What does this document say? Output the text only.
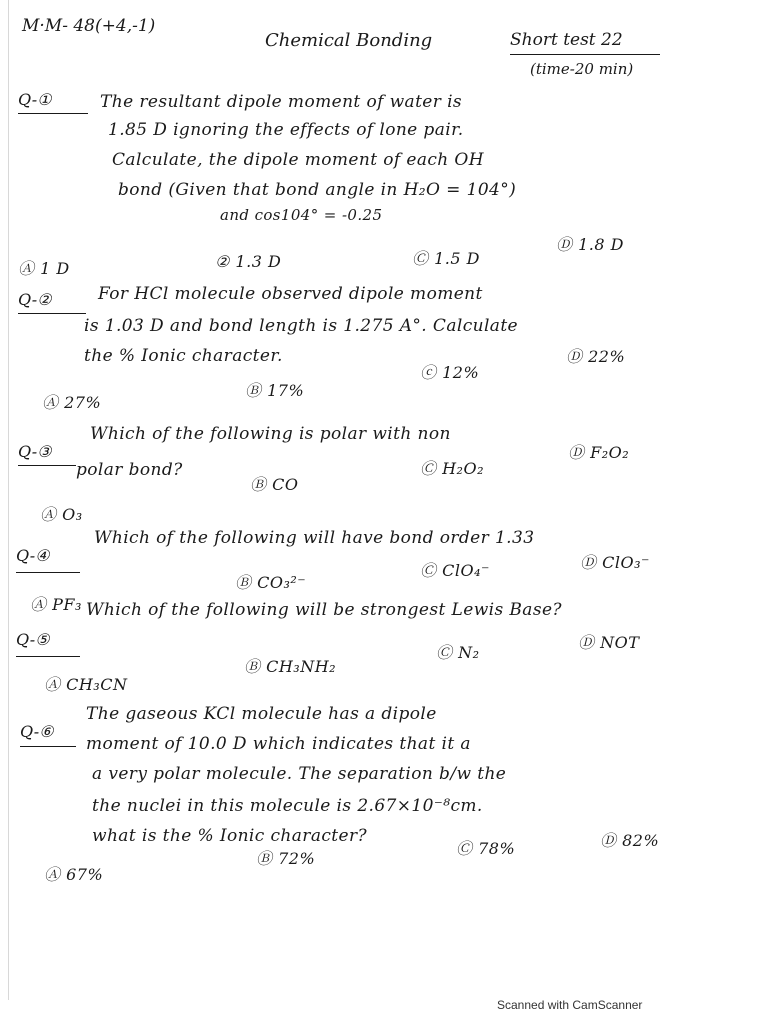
M·M- 48(+4,-1)
Chemical Bonding	Short test 22
(time-20 min)
Q-①	The resultant dipole moment of water is
1.85 D ignoring the effects of lone pair.
Calculate, the dipole moment of each OH
bond (Given that bond angle in H₂O = 104°)
and cos104° = -0.25
Ⓐ 1 D	② 1.3 D	Ⓒ 1.5 D
Ⓓ 1.8 D
Q-②	For HCl molecule observed dipole moment
is 1.03 D and bond length is 1.275 A°. Calculate
the % Ionic character.
Ⓐ 27%
Ⓑ 17%
ⓒ 12%
Ⓓ 22%
Q-③
Which of the following is polar with non
polar bond?
Ⓐ O₃
Ⓑ CO
Ⓒ H₂O₂
Ⓓ F₂O₂
Q-④
Which of the following will have bond order 1.33
Ⓐ PF₃
Ⓑ CO₃²⁻
Ⓒ ClO₄⁻	Ⓓ ClO₃⁻
Q-⑤
Which of the following will be strongest Lewis Base?
Ⓐ CH₃CN
Ⓑ CH₃NH₂
Ⓒ N₂
Ⓓ NOT
Q-⑥
The gaseous KCl molecule has a dipole
moment of 10.0 D which indicates that it a
a very polar molecule. The separation b/w the
the nuclei in this molecule is 2.67×10⁻⁸cm.
what is the % Ionic character?
Ⓐ 67%
Ⓑ 72%
Ⓒ 78%	Ⓓ 82%
Scanned with CamScanner
